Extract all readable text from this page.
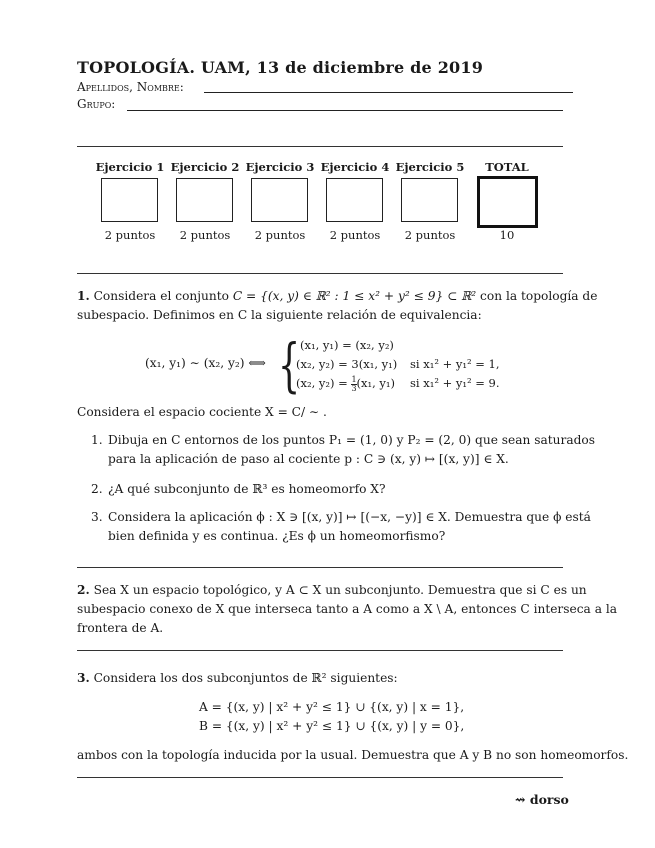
TOPOLOGÍA. UAM, 13 de diciembre de 2019
Apellidos, Nombre:
Grupo:
Ejercicio 1 Ejercicio 2 Ejercicio 3 Ejercicio 4 Ejercicio 5	TOTAL
2 puntos	2 puntos	2 puntos	2 puntos	2 puntos	10
1. Considera el conjunto C = {(x, y) ∈ ℝ² : 1 ≤ x² + y² ≤ 9} ⊂ ℝ² con la topología de
subespacio. Definimos en C la siguiente relación de equivalencia:
(x₁, y₁) ∼ (x₂, y₂) ⟺ { (x₁, y₁) = (x₂, y₂)
(x₂, y₂) = 3(x₁, y₁) si x₁² + y₁² = 1,
(x₂, $y_2) = \frac{1}{3} (x_1$, y₁) si x₁² + y₁² = 9.
Considera el espacio cociente X = C/ ∼ .
1. Dibuja en C entornos de los puntos P₁ = (1, 0) y P₂ = (2, 0) que sean saturados
para la aplicación de paso al cociente p : C ∋ (x, y) ↦ [(x, y)] ∈ X.
2. ¿A qué subconjunto de ℝ³ es homeomorfo X?
3. Considera la aplicación ϕ : X ∋ [(x, y)] ↦ [(−x, −y)] ∈ X. Demuestra que ϕ está
bien definida y es continua. ¿Es ϕ un homeomorfismo?
2. Sea X un espacio topológico, y A ⊂ X un subconjunto. Demuestra que si C es un
subespacio conexo de X que interseca tanto a A como a X \ A, entonces C interseca a la
frontera de A.
3. Considera los dos subconjuntos de ℝ² siguientes:
A = {(x, y) | x² + y² ≤ 1} ∪ {(x, y) | x = 1},
B = {(x, y) | x² + y² ≤ 1} ∪ {(x, y) | y = 0},
ambos con la topología inducida por la usual. Demuestra que A y B no son homeomorfos.
⇝ dorso
